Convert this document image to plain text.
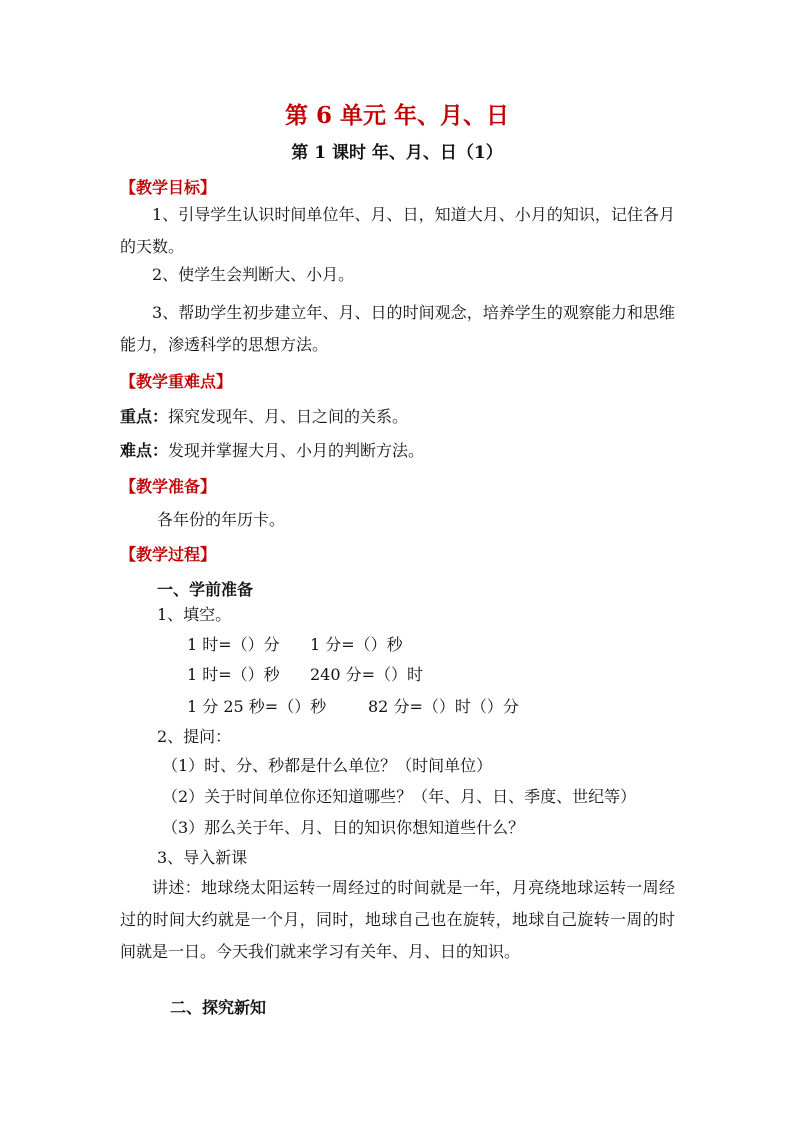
第 6 单元 年、月、日
第 1 课时 年、月、日（1）
【教学目标】
1、引导学生认识时间单位年、月、日，知道大月、小月的知识，记住各月的天数。
2、使学生会判断大、小月。
3、帮助学生初步建立年、月、日的时间观念，培养学生的观察能力和思维能力，渗透科学的思想方法。
【教学重难点】
重点：探究发现年、月、日之间的关系。
难点：发现并掌握大月、小月的判断方法。
【教学准备】
各年份的年历卡。
【教学过程】
一、学前准备
1、填空。
1 时=（）分 1 分=（）秒
1 时=（）秒 240 分=（）时
1 分 25 秒=（）秒	82 分=（）时（）分
2、提问：
（1）时、分、秒都是什么单位？（时间单位）
（2）关于时间单位你还知道哪些？（年、月、日、季度、世纪等）
（3）那么关于年、月、日的知识你想知道些什么？
3、导入新课
讲述：地球绕太阳运转一周经过的时间就是一年，月亮绕地球运转一周经过的时间大约就是一个月，同时，地球自己也在旋转，地球自己旋转一周的时间就是一日。今天我们就来学习有关年、月、日的知识。
二、探究新知
